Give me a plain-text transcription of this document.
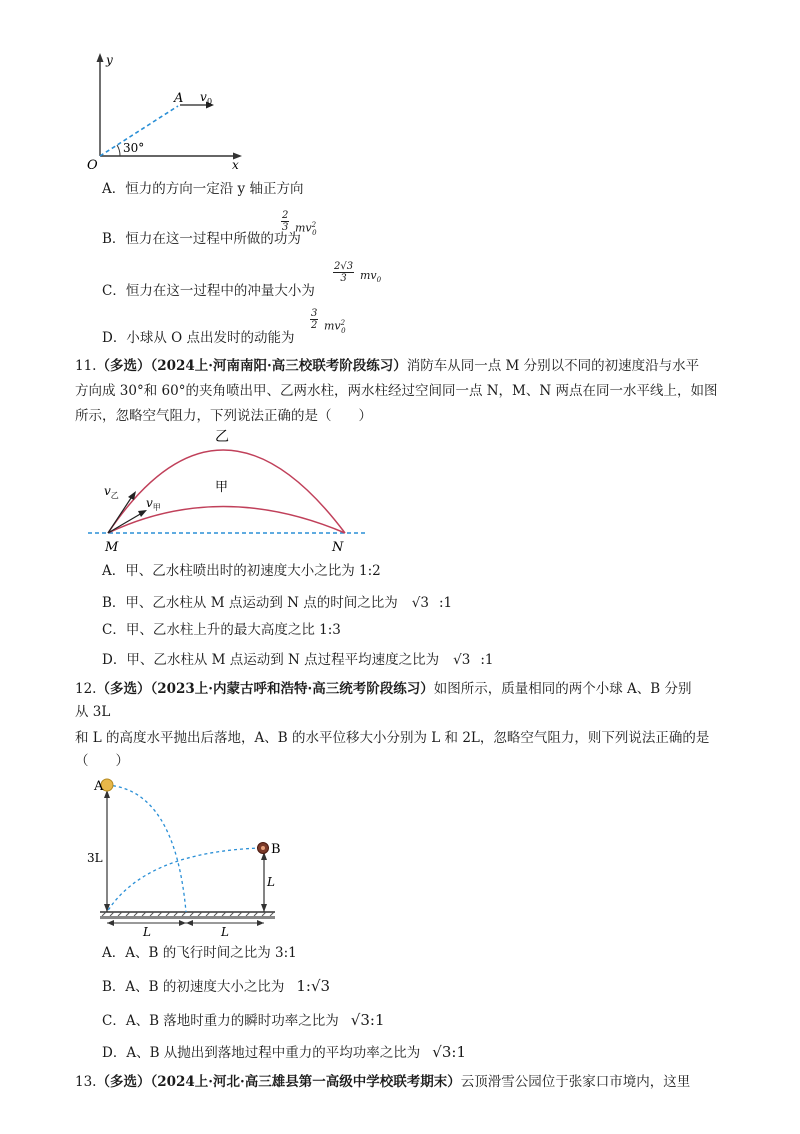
y
x
O
A v 0
30°
A．恒力的方向一定沿 y 轴正方向
B．恒力在这一过程中所做的功为
$\frac{2}{3} mv^2_0$
C．恒力在这一过程中的冲量大小为
$\frac{2√3}{3} mv_0$
D．小球从 O 点出发时的动能为
$\frac{3}{2} mv^2_0$
11.（多选）（2024上·河南南阳·高三校联考阶段练习）消防车从同一点 M 分别以不同的初速度沿与水平
方向成 30°和 60°的夹角喷出甲、乙两水柱，两水柱经过空间同一点 N，M、N 两点在同一水平线上，如图
所示，忽略空气阻力，下列说法正确的是（　　）
乙
甲
$v_乙$
$v_甲$
M	N
A．甲、乙水柱喷出时的初速度大小之比为 1:2
B．甲、乙水柱从 M 点运动到 N 点的时间之比为 √3 :1
C．甲、乙水柱上升的最大高度之比 1:3
D．甲、乙水柱从 M 点运动到 N 点过程平均速度之比为 √3 :1
12.（多选）（2023上·内蒙古呼和浩特·高三统考阶段练习）如图所示，质量相同的两个小球 A、B 分别
从 3L
和 L 的高度水平抛出后落地，A、B 的水平位移大小分别为 L 和 2L，忽略空气阻力，则下列说法正确的是
（　　）
A
B
3L
L
L	L
A．A、B 的飞行时间之比为 3:1
B．A、B 的初速度大小之比为 1:√3
C．A、B 落地时重力的瞬时功率之比为 √3:1
D．A、B 从抛出到落地过程中重力的平均功率之比为 √3:1
13.（多选）（2024上·河北·高三雄县第一高级中学校联考期末）云顶滑雪公园位于张家口市境内，这里
